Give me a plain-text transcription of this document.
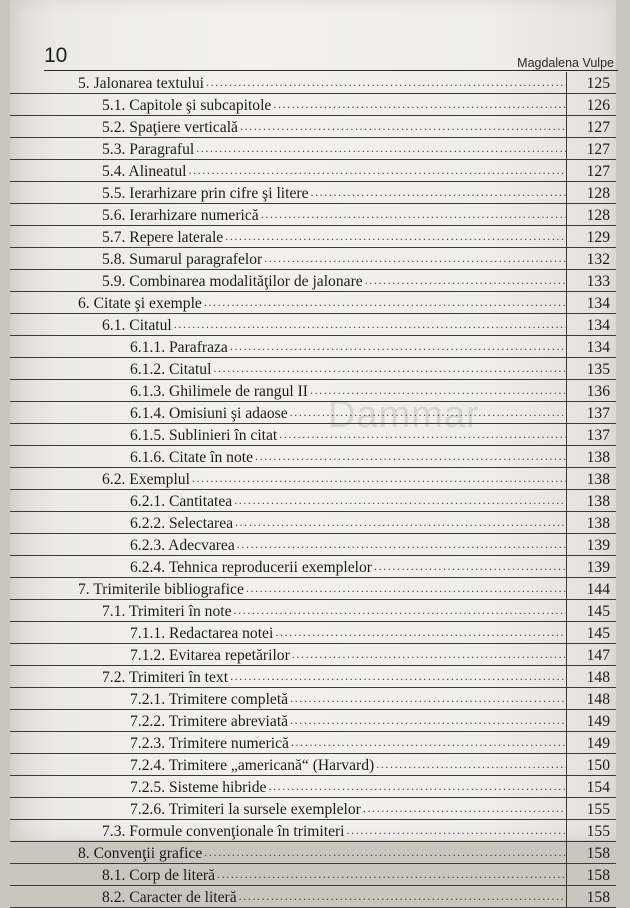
10	Magdalena Vulpe
Dammar
5. Jalonarea textului .....	125
5.1. Capitole şi subcapitole .....	126
5.2. Spaţiere verticală .....	127
5.3. Paragraful .....	127
5.4. Alineatul .....	127
5.5. Ierarhizare prin cifre şi litere .....	128
5.6. Ierarhizare numerică .....	128
5.7. Repere laterale .....	129
5.8. Sumarul paragrafelor .....	132
5.9. Combinarea modalităţilor de jalonare .....	133
6. Citate şi exemple .....	134
6.1. Citatul .....	134
6.1.1. Parafraza .....	134
6.1.2. Citatul .....	135
6.1.3. Ghilimele de rangul II .....	136
6.1.4. Omisiuni şi adaose .....	137
6.1.5. Sublinieri în citat .....	137
6.1.6. Citate în note .....	138
6.2. Exemplul .....	138
6.2.1. Cantitatea .....	138
6.2.2. Selectarea .....	138
6.2.3. Adecvarea .....	139
6.2.4. Tehnica reproducerii exemplelor .....	139
7. Trimiterile bibliografice .....	144
7.1. Trimiteri în note .....	145
7.1.1. Redactarea notei .....	145
7.1.2. Evitarea repetărilor .....	147
7.2. Trimiteri în text .....	148
7.2.1. Trimitere completă .....	148
7.2.2. Trimitere abreviată .....	149
7.2.3. Trimitere numerică .....	149
7.2.4. Trimitere „americană“ (Harvard) .....	150
7.2.5. Sisteme hibride .....	154
7.2.6. Trimiteri la sursele exemplelor .....	155
7.3. Formule convenţionale în trimiteri .....	155
8. Convenţii grafice .....	158
8.1. Corp de literă .....	158
8.2. Caracter de literă .....	158
